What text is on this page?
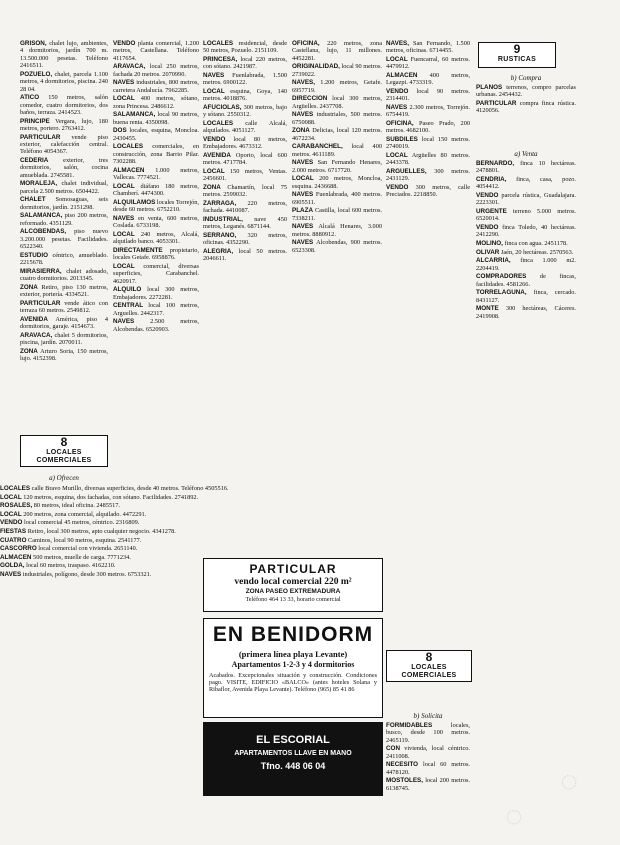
GRISON, chalet lujo, ambientes, 4 dormitorios, jardín 700 m. 13.500.000 pesetas. Teléfono 2416511.

POZUELO, chalet, parcela 1.100 metros, 4 dormitorios, piscina. 240 28 04.

ATICO 150 metros, salón comedor, cuatro dormitorios, dos baños, terraza. 2414523.

PRINCIPE Vergara, lujo, 180 metros, portero. 2763412.

PARTICULAR vende piso exterior, calefacción central. Teléfono 4054367.

CEDERIA exterior, tres dormitorios, salón, cocina amueblada. 2745581.

MORALEJA, chalet individual, parcela 2.500 metros. 6504422.

CHALET Somosaguas, seis dormitorios, jardín. 2151298.

SALAMANCA, piso 200 metros, reformado. 4351129.

ALCOBENDAS, piso nuevo 3.200.000 pesetas. Facilidades. 6522340.

ESTUDIO céntrico, amueblado. 2215678.

MIRASIERRA, chalet adosado, cuatro dormitorios. 2013345.

ZONA Retiro, piso 130 metros, exterior, portería. 4334521.

PARTICULAR vende ático con terraza 60 metros. 2549812.

AVENIDA América, piso 4 dormitorios, garaje. 4154673.

ARAVACA, chalet 5 dormitorios, piscina, jardín. 2070011.

ZONA Arturo Soria, 150 metros, lujo. 4152398.

8
LOCALES COMERCIALES
a) Ofrecen

LOCALES calle Bravo Murillo, diversas superficies, desde 40 metros. Teléfono 4505516.

LOCAL 120 metros, esquina, dos fachadas, con sótano. Facilidades. 2741892.

ROSALES, 80 metros, ideal oficina. 2485517.

LOCAL 200 metros, zona comercial, alquilado. 4472291.

VENDO local comercial 45 metros, céntrico. 2316809.

FIESTAS Retiro, local 300 metros, apto cualquier negocio. 4341278.

CUATRO Caminos, local 90 metros, esquina. 2541177.

CASCORRO local comercial con vivienda. 2651140.

ALMACEN 500 metros, muelle de carga. 7771234.

GOLDA, local 60 metros, traspaso. 4162210.

NAVES industriales, polígono, desde 300 metros. 6753321.

VENDO planta comercial, 1.200 metros, Castellana. Teléfono 4117654.

ARAVACA, local 250 metros, fachada 20 metros. 2070990.

NAVES industriales, 800 metros, carretera Andalucía. 7962285.

LOCAL 400 metros, sótano, zona Princesa. 2486612.

SALAMANCA, local 90 metros, buena renta. 4350098.

DOS locales, esquina, Moncloa. 2430455.

LOCALES comerciales, en construcción, zona Barrio Pilar. 7302288.

ALMACEN 1.000 metros, Vallecas. 7774521.

LOCAL diáfano 180 metros, Chamberí. 4474300.

ALQUILAMOS locales Torrejón, desde 60 metros. 6752210.

NAVES en venta, 600 metros, Coslada. 6733198.

LOCAL 240 metros, Alcalá, alquilado banco. 4053301.

DIRECTAMENTE propietario, locales Getafe. 6958876.

LOCAL comercial, diversas superficies, Carabanchel. 4620917.

ALQUILO local 300 metros, Embajadores. 2272281.

CENTRAL local 100 metros, Arguelles. 2442317.

NAVES 2.500 metros, Alcobendas. 6520903.

LOCALES residencial, desde 50 metros, Pozuelo. 2151109.

PRINCESA, local 220 metros, con sótano. 2421987.

NAVES Fuenlabrada, 1.500 metros. 6900122.

LOCAL esquina, Goya, 140 metros. 4018876.

AFUCIOLAS, 300 metros, bajo y sótano. 2550312.

LOCALES calle Alcalá, alquilados. 4051127.

VENDO local 80 metros, Embajadores. 4673312.

AVENIDA Oporto, local 600 metros. 4717784.

LOCAL 150 metros, Ventas. 2456601.

ZONA Chamartín, local 75 metros. 2599032.

ZARRAGA, 220 metros, fachada. 4410087.

INDUSTRIAL, nave 450 metros, Leganés. 6871144.

SERRANO, 320 metros, oficinas. 4352290.

ALEGRIA, local 50 metros. 2046611.

OFICINA, 220 metros, zona Castellana, lujo, 11 millones. 4452281.

ORIGINALIDAD, local 90 metros. 2739022.

NAVES, 1.200 metros, Getafe. 6957719.

DIRECCION local 300 metros, Argüelles. 2437708.

NAVES industriales, 500 metros. 6750088.

ZONA Delicias, local 120 metros. 4672234.

CARABANCHEL, local 400 metros. 4611189.

NAVES San Fernando Henares, 2.000 metros. 6717720.

LOCAL 200 metros, Moncloa, esquina. 2436688.

NAVES Fuenlabrada, 400 metros. 6905511.

PLAZA Castilla, local 600 metros. 7338211.

NAVES Alcalá Henares, 3.000 metros. 8880912.

NAVES Alcobendas, 900 metros. 6523308.

NAVES, San Fernando, 1.500 metros, oficinas. 6714455.

LOCAL Fuencarral, 60 metros. 4479912.

ALMACEN 400 metros, Legazpi. 4733319.

VENDO local 90 metros. 2314401.

NAVES 2.300 metros, Torrejón. 6754419.

OFICINA, Paseo Prado, 200 metros. 4682100.

SUBDILES local 150 metros. 2740019.

LOCAL Argüelles 80 metros. 2443378.

ARGUELLES, 300 metros. 2431129.

VENDO 300 metros, calle Preciados. 2218850.

8
LOCALES COMERCIALES
b) Solicita

FORMIDABLES locales, busco, desde 100 metros. 2465119.

CON vivienda, local céntrico. 2411008.

NECESITO local 60 metros. 4478120.

MOSTOLES, local 200 metros. 6138745.

9
RUSTICAS
b) Compra

PLANOS terrenos, compro parcelas urbanas. 2454432.

PARTICULAR compra finca rústica. 4120056.

a) Venta

BERNARDO, finca 10 hectáreas. 2478801.

CENDRIA, finca, casa, pozo. 4054412.

VENDO parcela rústica, Guadalajara. 2223301.

URGENTE terreno 5.000 metros. 6520014.

VENDO finca Toledo, 40 hectáreas. 2412290.

MOLINO, finca con agua. 2451178.

OLIVAR Jaén, 20 hectáreas. 2570563.

ALCARRIA, finca 1.000 m2. 2204419.

COMPRADORES de fincas, facilidades. 4581266.

TORRELAGUNA, finca, cercado. 8431127.

MONTE 300 hectáreas, Cáceres. 2419908.

PARTICULAR
vendo local comercial 220 m²
ZONA PASEO EXTREMADURA
Teléfono 464 13 33, horario comercial
EN BENIDORM
(primera línea playa Levante)
Apartamentos 1-2-3 y 4 dormitorios
Acabados. Excepcionales situación y construcción. Condiciones pago. VISITE, EDIFICIO «BALCO» (antes hoteles Solana y Ribaflor, Avenida Playa Levante). Teléfono (965) 85 41 86
EL ESCORIAL
APARTAMENTOS LLAVE EN MANO
Tfno. 448 06 04
◌
◌
